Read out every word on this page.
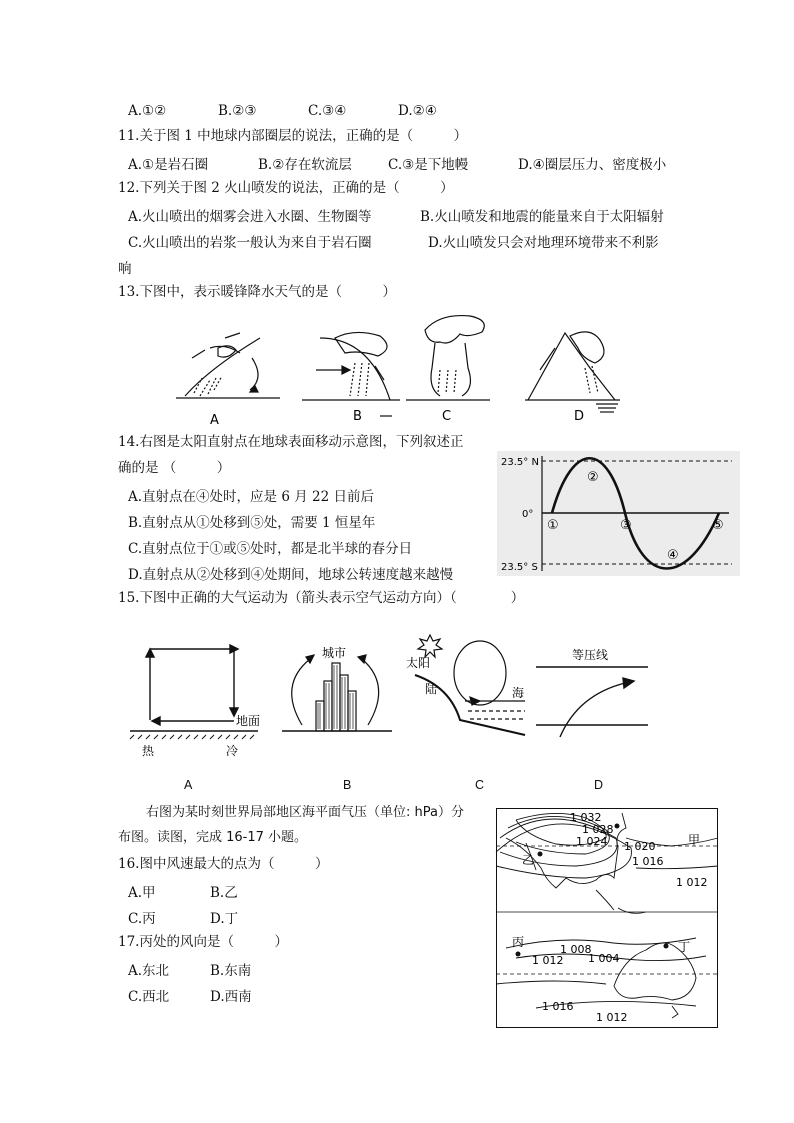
A.①②	B.②③	C.③④	D.②④
11.关于图 1 中地球内部圈层的说法，正确的是（　　　）
A.①是岩石圈	B.②存在软流层	C.③是下地幔	D.④圈层压力、密度极小
12.下列关于图 2 火山喷发的说法，正确的是（　　　）
A.火山喷出的烟雾会进入水圈、生物圈等	B.火山喷发和地震的能量来自于太阳辐射
C.火山喷出的岩浆一般认为来自于岩石圈	D.火山喷发只会对地理环境带来不利影
响
13.下图中，表示暖锋降水天气的是（　　　）
A	B	C	D
14.右图是太阳直射点在地球表面移动示意图，下列叙述正
确的是 （　　　）
A.直射点在④处时，应是 6 月 22 日前后
B.直射点从①处移到⑤处，需要 1 恒星年
C.直射点位于①或⑤处时，都是北半球的春分日
D.直射点从②处移到④处期间，地球公转速度越来越慢
23.5° N
0°
23.5° S
①
②
③
④
⑤
15.下图中正确的大气运动为（箭头表示空气运动方向）（　　　　）
地面
热	冷
城市
太阳
陆	海
等压线
A	B	C	D
右图为某时刻世界局部地区海平面气压（单位: hPa）分
布图。读图，完成 16-17 小题。
16.图中风速最大的点为（　　　）
A.甲	B.乙
C.丙	D.丁
17.丙处的风向是（　　　）
A.东北	B.东南
C.西北	D.西南
1 032
1 028
1 024 1 020
1 016
1 012
1 008
1 004
1 016
1 012
1 012
甲
乙
丙	丁
